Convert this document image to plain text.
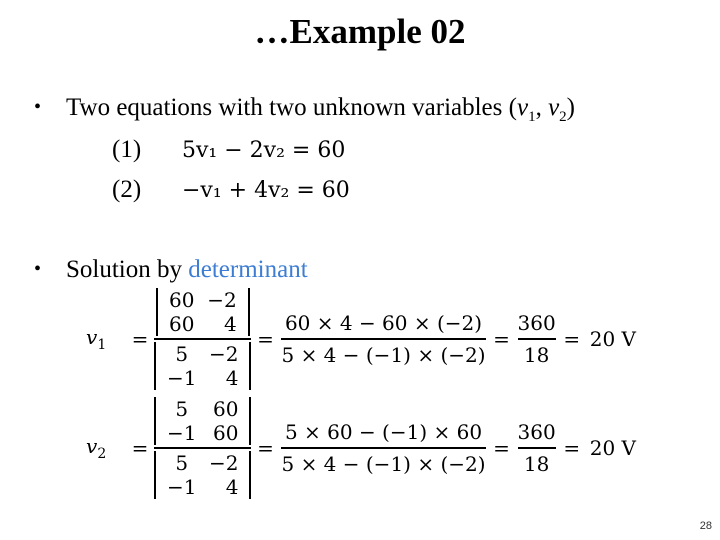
…Example 02
• Two equations with two unknown variables ($v_1$, $v_2$)
(1) 5v₁ − 2v₂ = 60
(2) −v₁ + 4v₂ = 60
• Solution by determinant
$v_1$	=
60	−2
60	4
5	−2
−1	4
= $\frac{60 \times 4 - 60 \times (-2)}{5 \times 4 - (-1) \times (-2)} = \frac{360}{18} = 20$ V
$v_2$	=
5	60
−1	60
5	−2
−1	4
= $\frac{5 \times 60 - (-1) \times 60}{5 \times 4 - (-1) \times (-2)} = \frac{360}{18} = 20$ V
28
